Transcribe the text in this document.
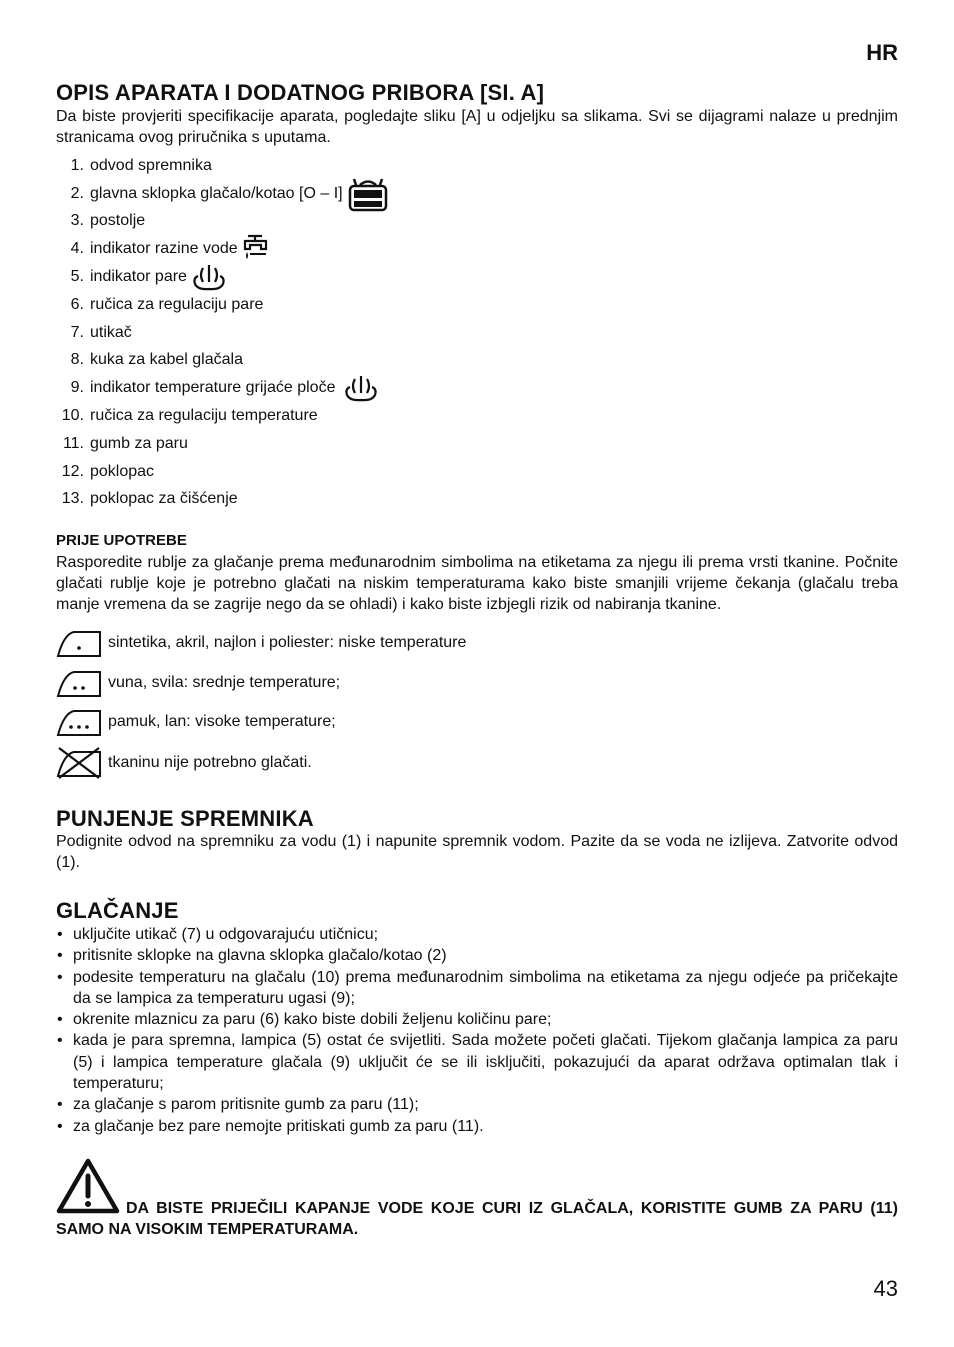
HR
OPIS APARATA I DODATNOG PRIBORA [SI. A]
Da biste provjeriti specifikacije aparata, pogledajte sliku [A] u odjeljku sa slikama. Svi se dijagrami nalaze u prednjim stranicama ovog priručnika s uputama.
1. odvod spremnika
2. glavna sklopka glačalo/kotao [O – I]
3. postolje
4. indikator razine vode
5. indikator pare
6. ručica za regulaciju pare
7. utikač
8. kuka za kabel glačala
9. indikator temperature grijaće ploče
10. ručica za regulaciju temperature
11. gumb za paru
12. poklopac
13. poklopac za čišćenje
PRIJE UPOTREBE
Rasporedite rublje za glačanje prema međunarodnim simbolima na etiketama za njegu ili prema vrsti tkanine. Počnite glačati rublje koje je potrebno glačati na niskim temperaturama kako biste smanjili vrijeme čekanja (glačalu treba manje vremena da se zagrije nego da se ohladi) i kako biste izbjegli rizik od nabiranja tkanine.
sintetika, akril, najlon i poliester: niske temperature
vuna, svila: srednje temperature;
pamuk, lan: visoke temperature;
tkaninu nije potrebno glačati.
PUNJENJE SPREMNIKA
Podignite odvod na spremniku za vodu (1) i napunite spremnik vodom. Pazite da se voda ne izlijeva. Zatvorite odvod (1).
GLAČANJE
• uključite utikač (7) u odgovarajuću utičnicu;
• pritisnite sklopke na glavna sklopka glačalo/kotao (2)
• podesite temperaturu na glačalu (10) prema međunarodnim simbolima na etiketama za njegu odjeće pa pričekajte da se lampica za temperaturu ugasi (9);
• okrenite mlaznicu za paru (6) kako biste dobili željenu količinu pare;
• kada je para spremna, lampica (5) ostat će svijetliti. Sada možete početi glačati. Tijekom glačanja lampica za paru (5) i lampica temperature glačala (9) uključit će se ili isključiti, pokazujući da aparat održava optimalan tlak i temperaturu;
• za glačanje s parom pritisnite gumb za paru (11);
• za glačanje bez pare nemojte pritiskati gumb za paru (11).
DA BISTE PRIJEČILI KAPANJE VODE KOJE CURI IZ GLAČALA, KORISTITE GUMB ZA PARU (11) SAMO NA VISOKIM TEMPERATURAMA.
43
